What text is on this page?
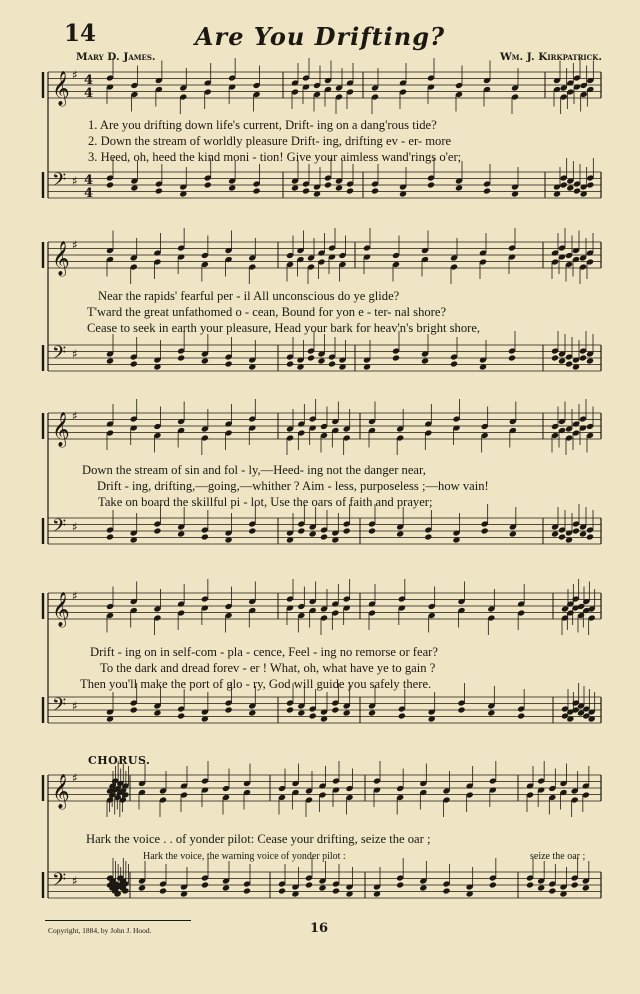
14	Are You Drifting?
Mary D. James.	Wm. J. Kirkpatrick.
𝄞 ♯ 4
4
𝄢 ♯ 4
4
𝄞 ♯
𝄢 ♯
𝄞 ♯
𝄢 ♯
𝄞 ♯
𝄢 ♯
𝄞 ♯
𝄢 ♯
1. Are you drifting down life's current, Drift- ing on a dang'rous tide?
2. Down the stream of worldly pleasure Drift- ing, drifting ev - er- more
3. Heed, oh, heed the kind moni - tion! Give your aimless wand'rings o'er;
Near the rapids' fearful per - il All unconscious do ye glide?
T'ward the great unfathomed o - cean, Bound for yon e - ter- nal shore?
Cease to seek in earth your pleasure, Head your bark for heav'n's bright shore,
Down the stream of sin and fol - ly,—Heed- ing not the danger near,
Drift - ing, drifting,—going,—whither ? Aim - less, purposeless ;—how vain!
Take on board the skillful pi - lot, Use the oars of faith and prayer;
Drift - ing on in self-com - pla - cence, Feel - ing no remorse or fear?
To the dark and dread forev - er ! What, oh, what have ye to gain ?
Then you'll make the port of glo - ry, God will guide you safely there.
CHORUS.
Hark the voice . . of yonder pilot: Cease your drifting, seize the oar ;
Hark the voice, the warning voice of yonder pilot :	seize the oar ;
Copyright, 1884, by John J. Hood.	16
